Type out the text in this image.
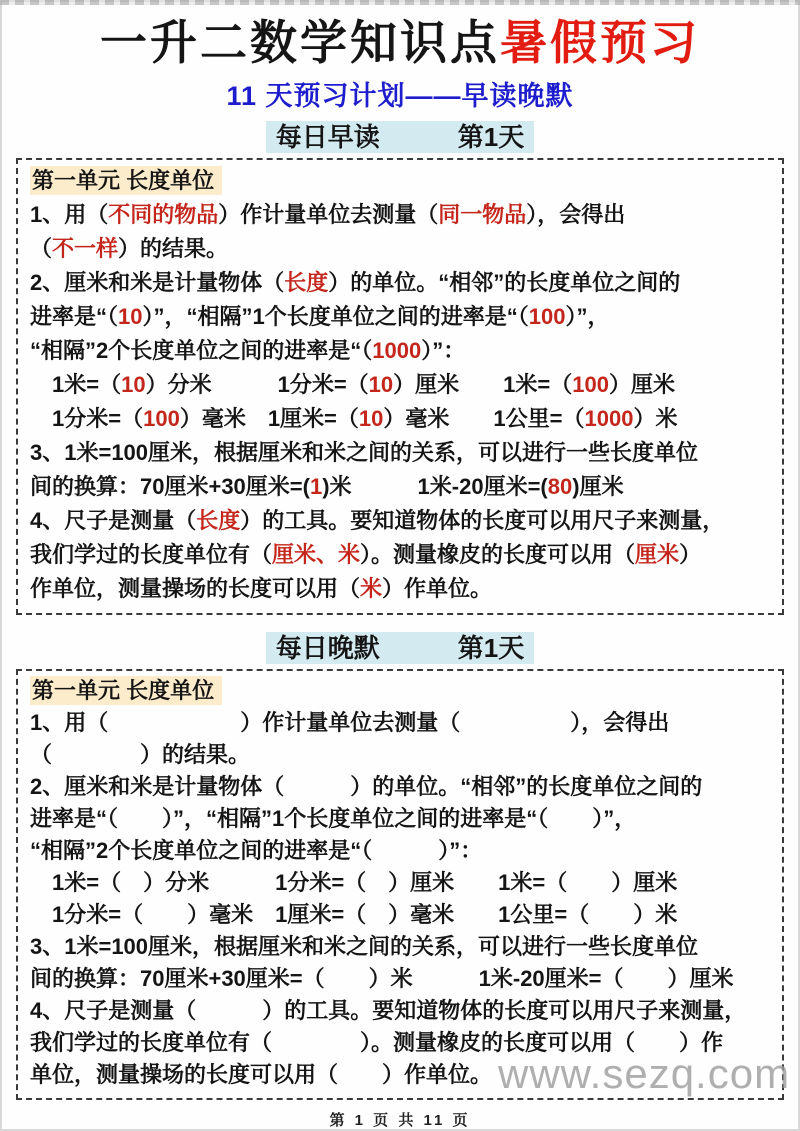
一升二数学知识点暑假预习
11 天预习计划——早读晚默
每日早读　　　第1天
第一单元 长度单位
1、用（不同的物品）作计量单位去测量（同一物品），会得出
（不一样）的结果。
2、厘米和米是计量物体（长度）的单位。“相邻”的长度单位之间的
进率是“（10）”，“相隔”1个长度单位之间的进率是“（100）”，
“相隔”2个长度单位之间的进率是“（1000）”：
　1米=（10）分米　　　1分米=（10）厘米　　1米=（100）厘米
　1分米=（100）毫米　1厘米=（10）毫米　　1公里=（1000）米
3、1米=100厘米，根据厘米和米之间的关系，可以进行一些长度单位
间的换算：70厘米+30厘米=(1)米　　　1米-20厘米=(80)厘米
4、尺子是测量（长度）的工具。要知道物体的长度可以用尺子来测量，
我们学过的长度单位有（厘米、米）。测量橡皮的长度可以用（厘米）
作单位，测量操场的长度可以用（米）作单位。
每日晚默　　　第1天
第一单元 长度单位
1、用（　　　　　　）作计量单位去测量（　　　　　），会得出
（　　　　）的结果。
2、厘米和米是计量物体（　　　）的单位。“相邻”的长度单位之间的
进率是“（　　）”，“相隔”1个长度单位之间的进率是“（　　）”，
“相隔”2个长度单位之间的进率是“（　　　）”：
　1米=（　）分米　　　1分米=（　）厘米　　1米=（　　）厘米
　1分米=（　　）毫米　1厘米=（　）毫米　　1公里=（　　）米
3、1米=100厘米，根据厘米和米之间的关系，可以进行一些长度单位
间的换算：70厘米+30厘米=（　　）米　　　1米-20厘米=（　　）厘米
4、尺子是测量（　　　）的工具。要知道物体的长度可以用尺子来测量，
我们学过的长度单位有（　　　　）。测量橡皮的长度可以用（　　）作
单位，测量操场的长度可以用（　　）作单位。 www.sezq.com
第 1 页 共 11 页
